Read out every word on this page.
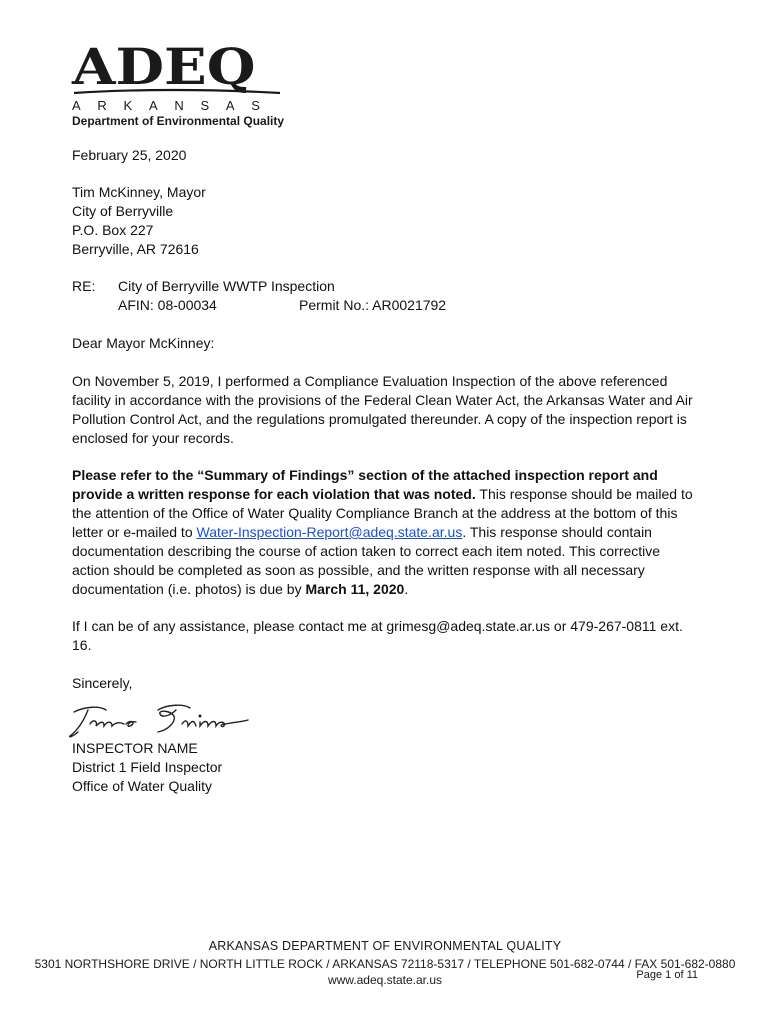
ADEQ
A R K A N S A S
Department of Environmental Quality
February 25, 2020
Tim McKinney, Mayor
City of Berryville
P.O. Box 227
Berryville, AR 72616
RE: City of Berryville WWTP Inspection
AFIN: 08-00034	Permit No.: AR0021792
Dear Mayor McKinney:
On November 5, 2019, I performed a Compliance Evaluation Inspection of the above referenced
facility in accordance with the provisions of the Federal Clean Water Act, the Arkansas Water and Air
Pollution Control Act, and the regulations promulgated thereunder. A copy of the inspection report is
enclosed for your records.
Please refer to the “Summary of Findings” section of the attached inspection report and
provide a written response for each violation that was noted. This response should be mailed to
the attention of the Office of Water Quality Compliance Branch at the address at the bottom of this
letter or e-mailed to Water-Inspection-Report@adeq.state.ar.us. This response should contain
documentation describing the course of action taken to correct each item noted. This corrective
action should be completed as soon as possible, and the written response with all necessary
documentation (i.e. photos) is due by March 11, 2020.
If I can be of any assistance, please contact me at grimesg@adeq.state.ar.us or 479-267-0811 ext.
16.
Sincerely,
INSPECTOR NAME
District 1 Field Inspector
Office of Water Quality
ARKANSAS DEPARTMENT OF ENVIRONMENTAL QUALITY
5301 NORTHSHORE DRIVE / NORTH LITTLE ROCK / ARKANSAS 72118-5317 / TELEPHONE 501-682-0744 / FAX 501-682-0880
www.adeq.state.ar.us	Page 1 of 11
